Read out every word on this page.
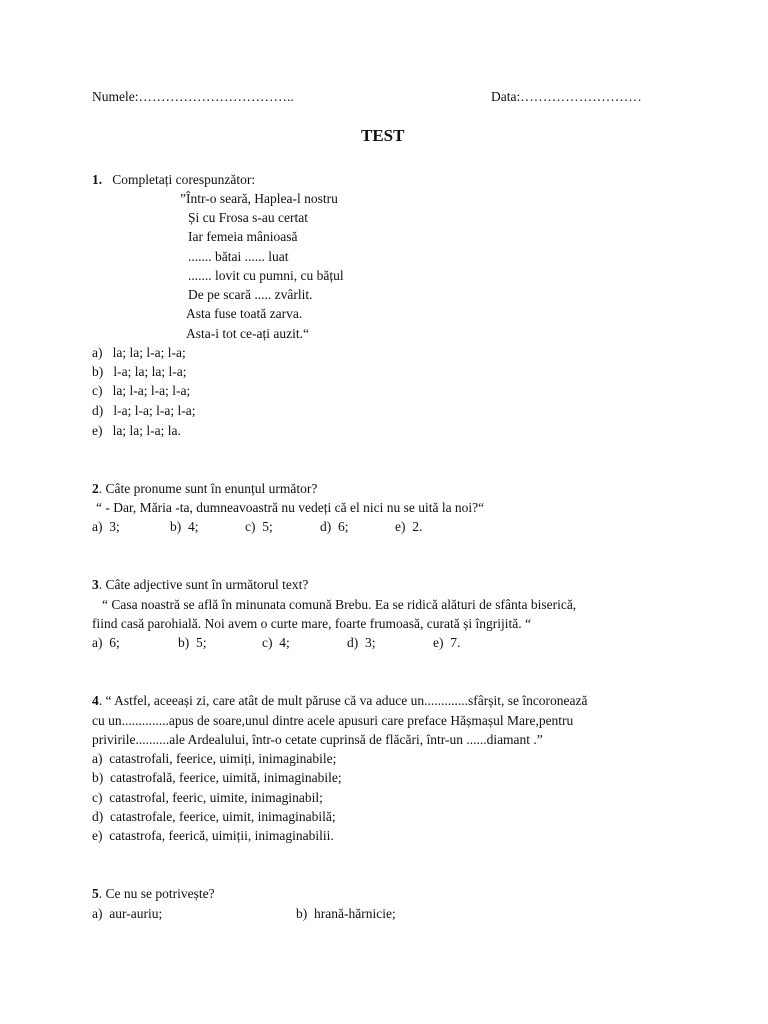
Numele:……………………………..	Data:………………………
TEST
1. Completați corespunzător:
”Într-o seară, Haplea-l nostru
Și cu Frosa s-au certat
Iar femeia mânioasă
....... bătai ...... luat
....... lovit cu pumni, cu bățul
De pe scară ..... zvârlit.
Asta fuse toată zarva.
Asta-i tot ce-ați auzit.“
a) la; la; l-a; l-a;
b) l-a; la; la; l-a;
c) la; l-a; l-a; l-a;
d) l-a; l-a; l-a; l-a;
e) la; la; l-a; la.
2. Câte pronume sunt în enunțul următor?
“ - Dar, Măria -ta, dumneavoastră nu vedeți că el nici nu se uită la noi?“
a) 3;	b) 4;	c) 5;	d) 6;	e) 2.
3. Câte adjective sunt în următorul text?
“ Casa noastră se află în minunata comună Brebu. Ea se ridică alături de sfânta biserică,
fiind casă parohială. Noi avem o curte mare, foarte frumoasă, curată și îngrijită. “
a) 6;	b) 5;	c) 4;	d) 3;	e) 7.
4. “ Astfel, aceeași zi, care atât de mult păruse că va aduce un.............sfârșit, se încoronează
cu un..............apus de soare,unul dintre acele apusuri care preface Hășmașul Mare,pentru
privirile..........ale Ardealului, într-o cetate cuprinsă de flăcări, într-un ......diamant .”
a) catastrofali, feerice, uimiți, inimaginabile;
b) catastrofală, feerice, uimită, inimaginabile;
c) catastrofal, feeric, uimite, inimaginabil;
d) catastrofale, feerice, uimit, inimaginabilă;
e) catastrofa, feerică, uimiții, inimaginabilii.
5. Ce nu se potrivește?
a) aur-auriu;	b) hrană-hărnicie;
